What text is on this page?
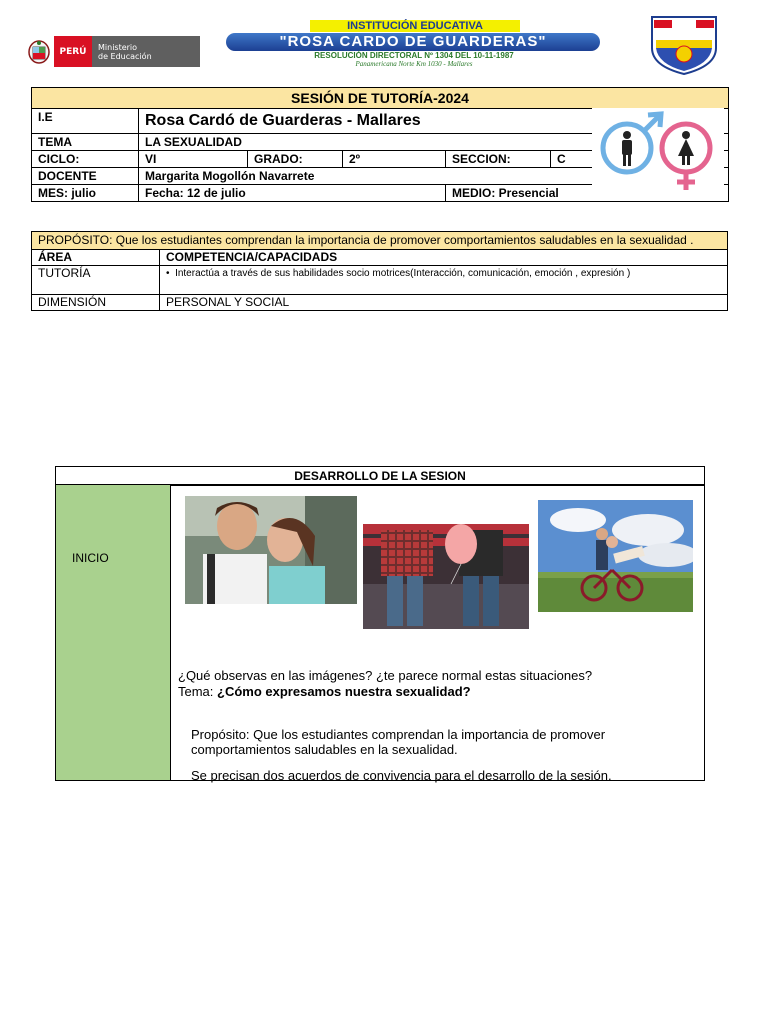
PERÚ	Ministerio
de Educación
INSTITUCIÓN EDUCATIVA
"ROSA CARDO DE GUARDERAS"
RESOLUCIÓN DIRECTORAL Nº 1304 DEL 10-11-1987
Panamericana Norte Km 1030 - Mallares
SESIÓN DE TUTORÍA-2024					
I.E	Rosa Cardó de Guarderas - Mallares				
TEMA	LA SEXUALIDAD				
CICLO:	VI	GRADO:	2º	SECCION:	C
DOCENTE	Margarita Mogollón Navarrete				
MES: julio	Fecha: 12 de julio			MEDIO: Presencial	
PROPÓSITO: Que los estudiantes comprendan la importancia de promover comportamientos saludables en la sexualidad .	
ÁREA	COMPETENCIA/CAPACIDADS
TUTORÍA	•  Interactúa a través de sus habilidades socio motrices(Interacción, comunicación, emoción , expresión )
DIMENSIÓN	PERSONAL Y SOCIAL
DESARROLLO DE LA SESION
INICIO
¿Qué observas en las imágenes? ¿te parece normal estas situaciones?
Tema: ¿Cómo expresamos nuestra sexualidad?
Propósito: Que los estudiantes comprendan la importancia de promover
comportamientos saludables en la sexualidad.
Se precisan dos acuerdos de convivencia para el desarrollo de la sesión.
